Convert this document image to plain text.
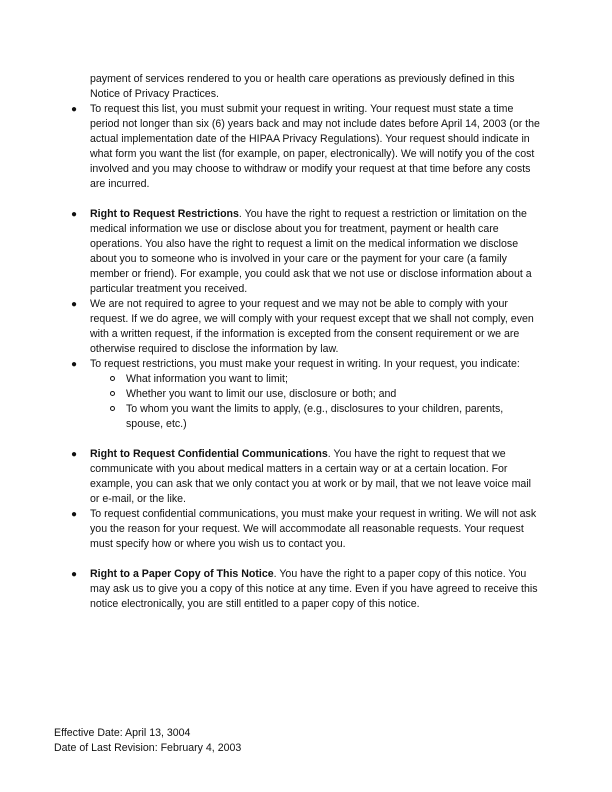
payment of services rendered to you or health care operations as previously defined in this Notice of Privacy Practices.

● To request this list, you must submit your request in writing. Your request must state a time period not longer than six (6) years back and may not include dates before April 14, 2003 (or the actual implementation date of the HIPAA Privacy Regulations). Your request should indicate in what form you want the list (for example, on paper, electronically). We will notify you of the cost involved and you may choose to withdraw or modify your request at that time before any costs are incurred.
● Right to Request Restrictions. You have the right to request a restriction or limitation on the medical information we use or disclose about you for treatment, payment or health care operations. You also have the right to request a limit on the medical information we disclose about you to someone who is involved in your care or the payment for your care (a family member or friend). For example, you could ask that we not use or disclose information about a particular treatment you received.
● We are not required to agree to your request and we may not be able to comply with your request. If we do agree, we will comply with your request except that we shall not comply, even with a written request, if the information is excepted from the consent requirement or we are otherwise required to disclose the information by law.
● To request restrictions, you must make your request in writing. In your request, you indicate:
What information you want to limit;
Whether you want to limit our use, disclosure or both; and
To whom you want the limits to apply, (e.g., disclosures to your children, parents, spouse, etc.)
● Right to Request Confidential Communications. You have the right to request that we communicate with you about medical matters in a certain way or at a certain location. For example, you can ask that we only contact you at work or by mail, that we not leave voice mail or e-mail, or the like.
● To request confidential communications, you must make your request in writing. We will not ask you the reason for your request. We will accommodate all reasonable requests. Your request must specify how or where you wish us to contact you.
● Right to a Paper Copy of This Notice. You have the right to a paper copy of this notice. You may ask us to give you a copy of this notice at any time. Even if you have agreed to receive this notice electronically, you are still entitled to a paper copy of this notice.
Effective Date: April 13, 3004
Date of Last Revision: February 4, 2003
